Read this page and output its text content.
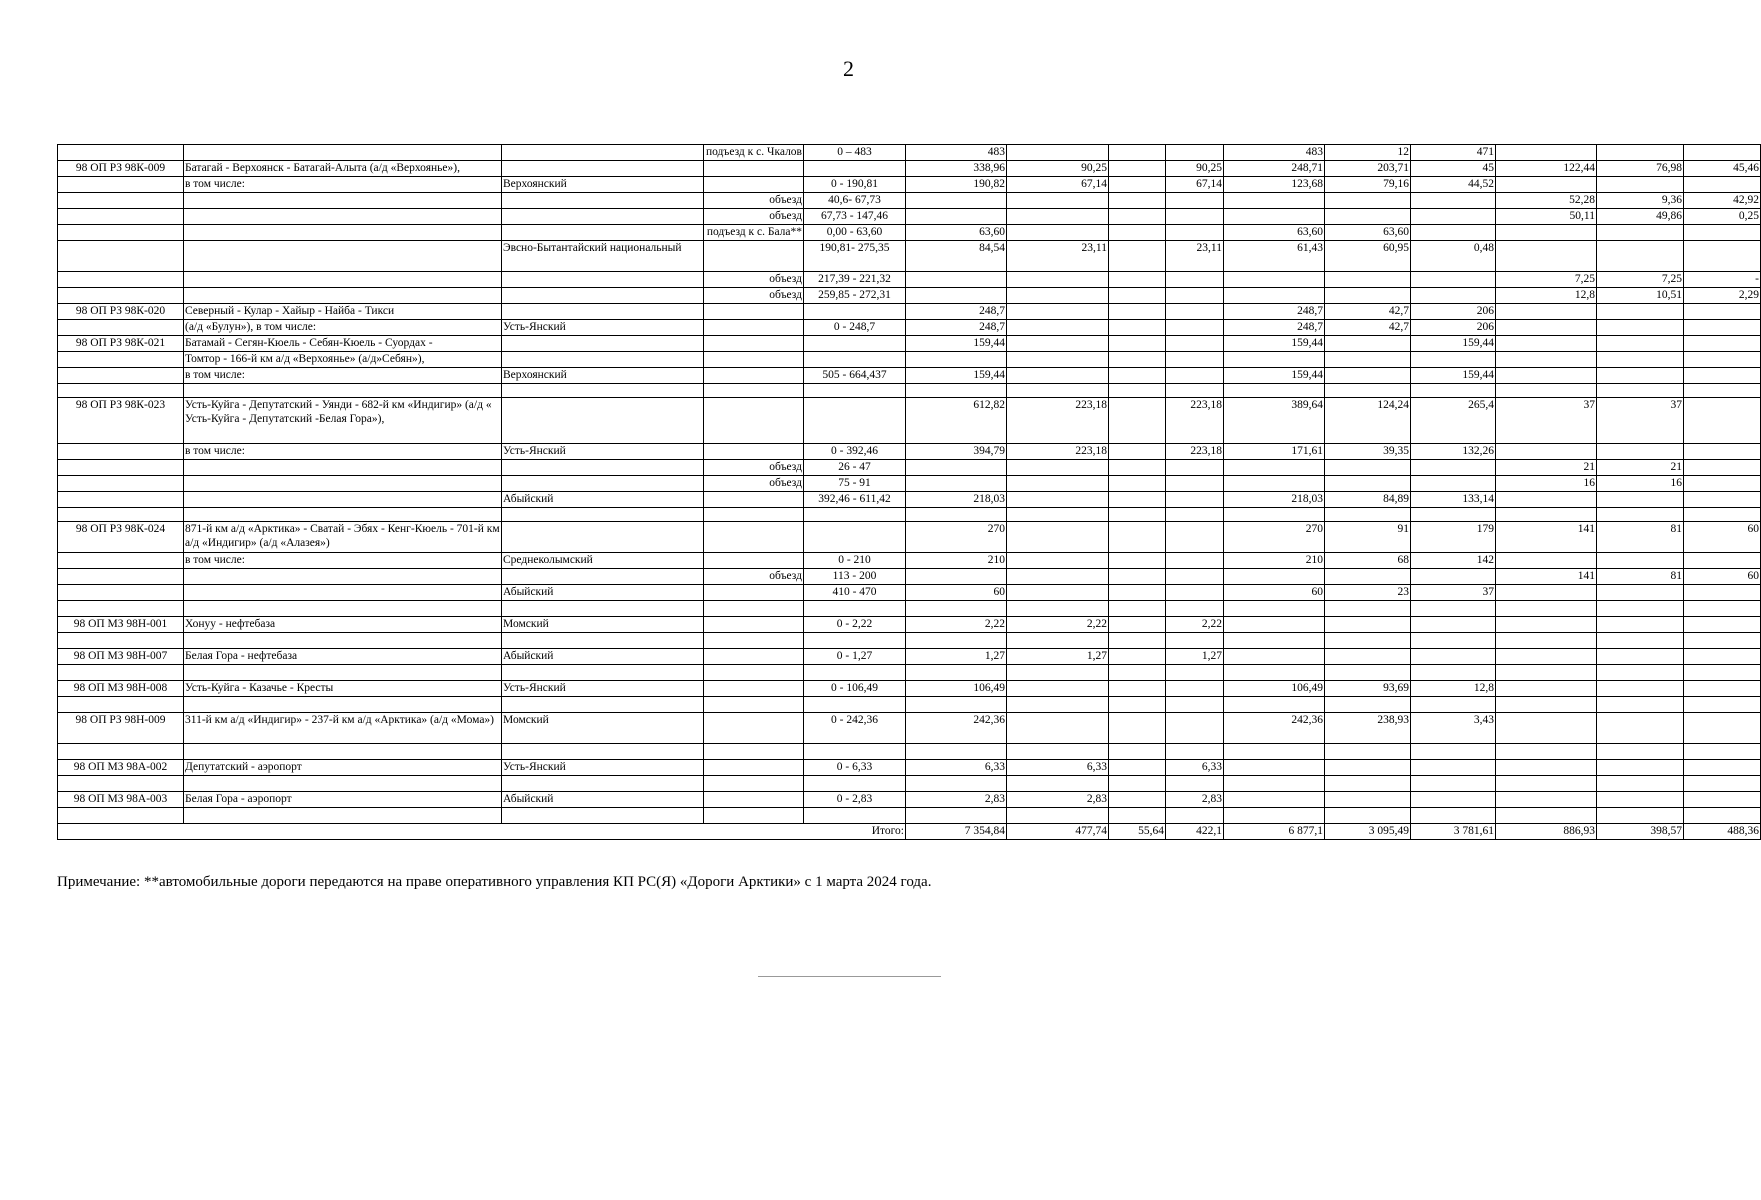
2
			подъезд к с. Чкалов	0 – 483	483				483	12	471			
98 ОП РЗ 98К-009	Батагай - Верхоянск - Батагай-Алыта (а/д «Верхоянье»),				338,96	90,25		90,25	248,71	203,71	45	122,44	76,98	45,46
	в том числе:	Верхоянский		0 - 190,81	190,82	67,14		67,14	123,68	79,16	44,52			
			объезд	40,6- 67,73								52,28	9,36	42,92
			объезд	67,73 - 147,46								50,11	49,86	0,25
			подъезд к с. Бала**	0,00 - 63,60	63,60				63,60	63,60				
		Эвсно-Бытантайский национальный		190,81- 275,35	84,54	23,11		23,11	61,43	60,95	0,48			
			объезд	217,39 - 221,32								7,25	7,25	-
			объезд	259,85 - 272,31								12,8	10,51	2,29
98 ОП РЗ 98К-020	Северный - Кулар - Хайыр - Найба - Тикси				248,7				248,7	42,7	206			
	(а/д «Булун»), в том числе:	Усть-Янский		0 - 248,7	248,7				248,7	42,7	206			
98 ОП РЗ 98К-021	Батамай - Сегян-Кюель - Себян-Кюель - Суордах -				159,44				159,44		159,44			
	Томтор - 166-й км а/д «Верхоянье» (а/д»Себян»),													
	в том числе:	Верхоянский		505 - 664,437	159,44				159,44		159,44			

98 ОП РЗ 98К-023	Усть-Куйга - Депутатский - Уянди - 682-й км «Индигир» (а/д « Усть-Куйга - Депутатский -Белая Гора»),				612,82	223,18		223,18	389,64	124,24	265,4	37	37	
	в том числе:	Усть-Янский		0 - 392,46	394,79	223,18		223,18	171,61	39,35	132,26			
			объезд	26 - 47								21	21	
			объезд	75 - 91								16	16	
		Абыйский		392,46 - 611,42	218,03				218,03	84,89	133,14			

98 ОП РЗ 98К-024	871-й км а/д «Арктика» - Сватай - Эбях - Кенг-Кюель - 701-й км а/д «Индигир» (а/д «Алазея»)				270				270	91	179	141	81	60
	в том числе:	Среднеколымский		0 - 210	210				210	68	142			
			объезд	113 - 200								141	81	60
		Абыйский		410 - 470	60				60	23	37			

98 ОП МЗ 98Н-001	Хонуу - нефтебаза	Момский		0 - 2,22	2,22	2,22		2,22						

98 ОП МЗ 98Н-007	Белая Гора - нефтебаза	Абыйский		0 - 1,27	1,27	1,27		1,27						

98 ОП МЗ 98Н-008	Усть-Куйга - Казачье - Кресты	Усть-Янский		0 - 106,49	106,49				106,49	93,69	12,8			

98 ОП РЗ 98Н-009	311-й км а/д «Индигир» - 237-й км а/д «Арктика» (а/д «Мома»)	Момский		0 - 242,36	242,36				242,36	238,93	3,43			

98 ОП МЗ 98А-002	Депутатский - аэропорт	Усть-Янский		0 - 6,33	6,33	6,33		6,33						

98 ОП МЗ 98А-003	Белая Гора - аэропорт	Абыйский		0 - 2,83	2,83	2,83		2,83						

Итого:					7 354,84	477,74	55,64	422,1	6 877,1	3 095,49	3 781,61	886,93	398,57	488,36
Примечание: **автомобильные дороги передаются на праве оперативного управления КП РС(Я) «Дороги Арктики» с 1 марта 2024 года.
